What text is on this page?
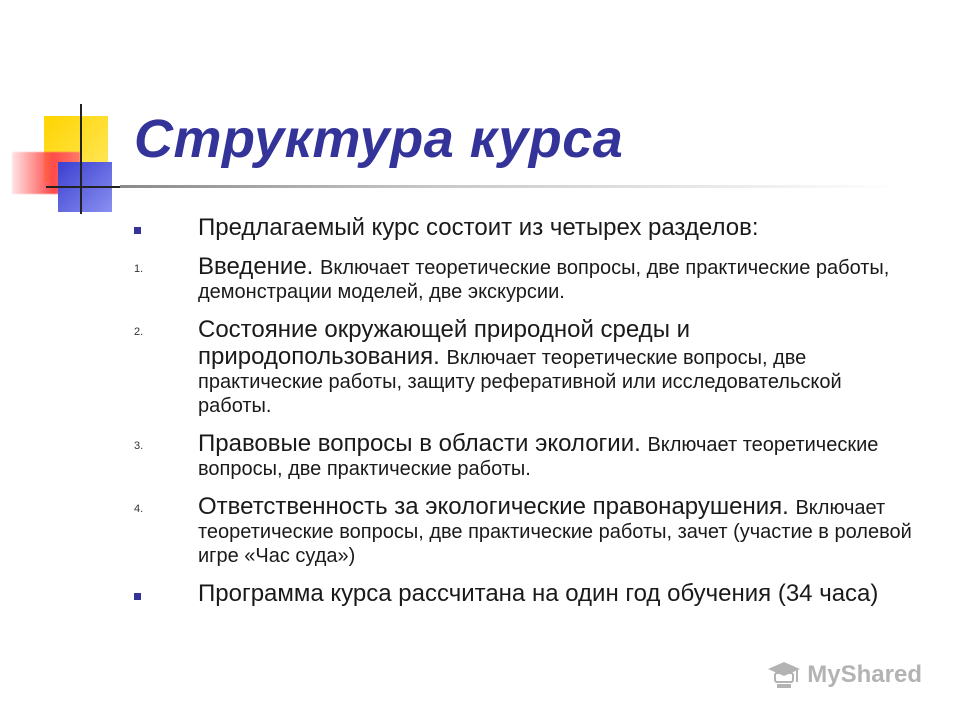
Структура курса
Предлагаемый курс состоит из четырех разделов:
1. Введение. Включает теоретические вопросы, две практические работы, демонстрации моделей, две экскурсии.
2. Состояние окружающей природной среды и природопользования. Включает теоретические вопросы, две практические работы, защиту реферативной или исследовательской работы.
3. Правовые вопросы в области экологии. Включает теоретические вопросы, две практические работы.
4. Ответственность за экологические правонарушения. Включает теоретические вопросы, две практические работы, зачет (участие в ролевой игре «Час суда»)
Программа курса рассчитана на один год обучения (34 часа)
MyShared
